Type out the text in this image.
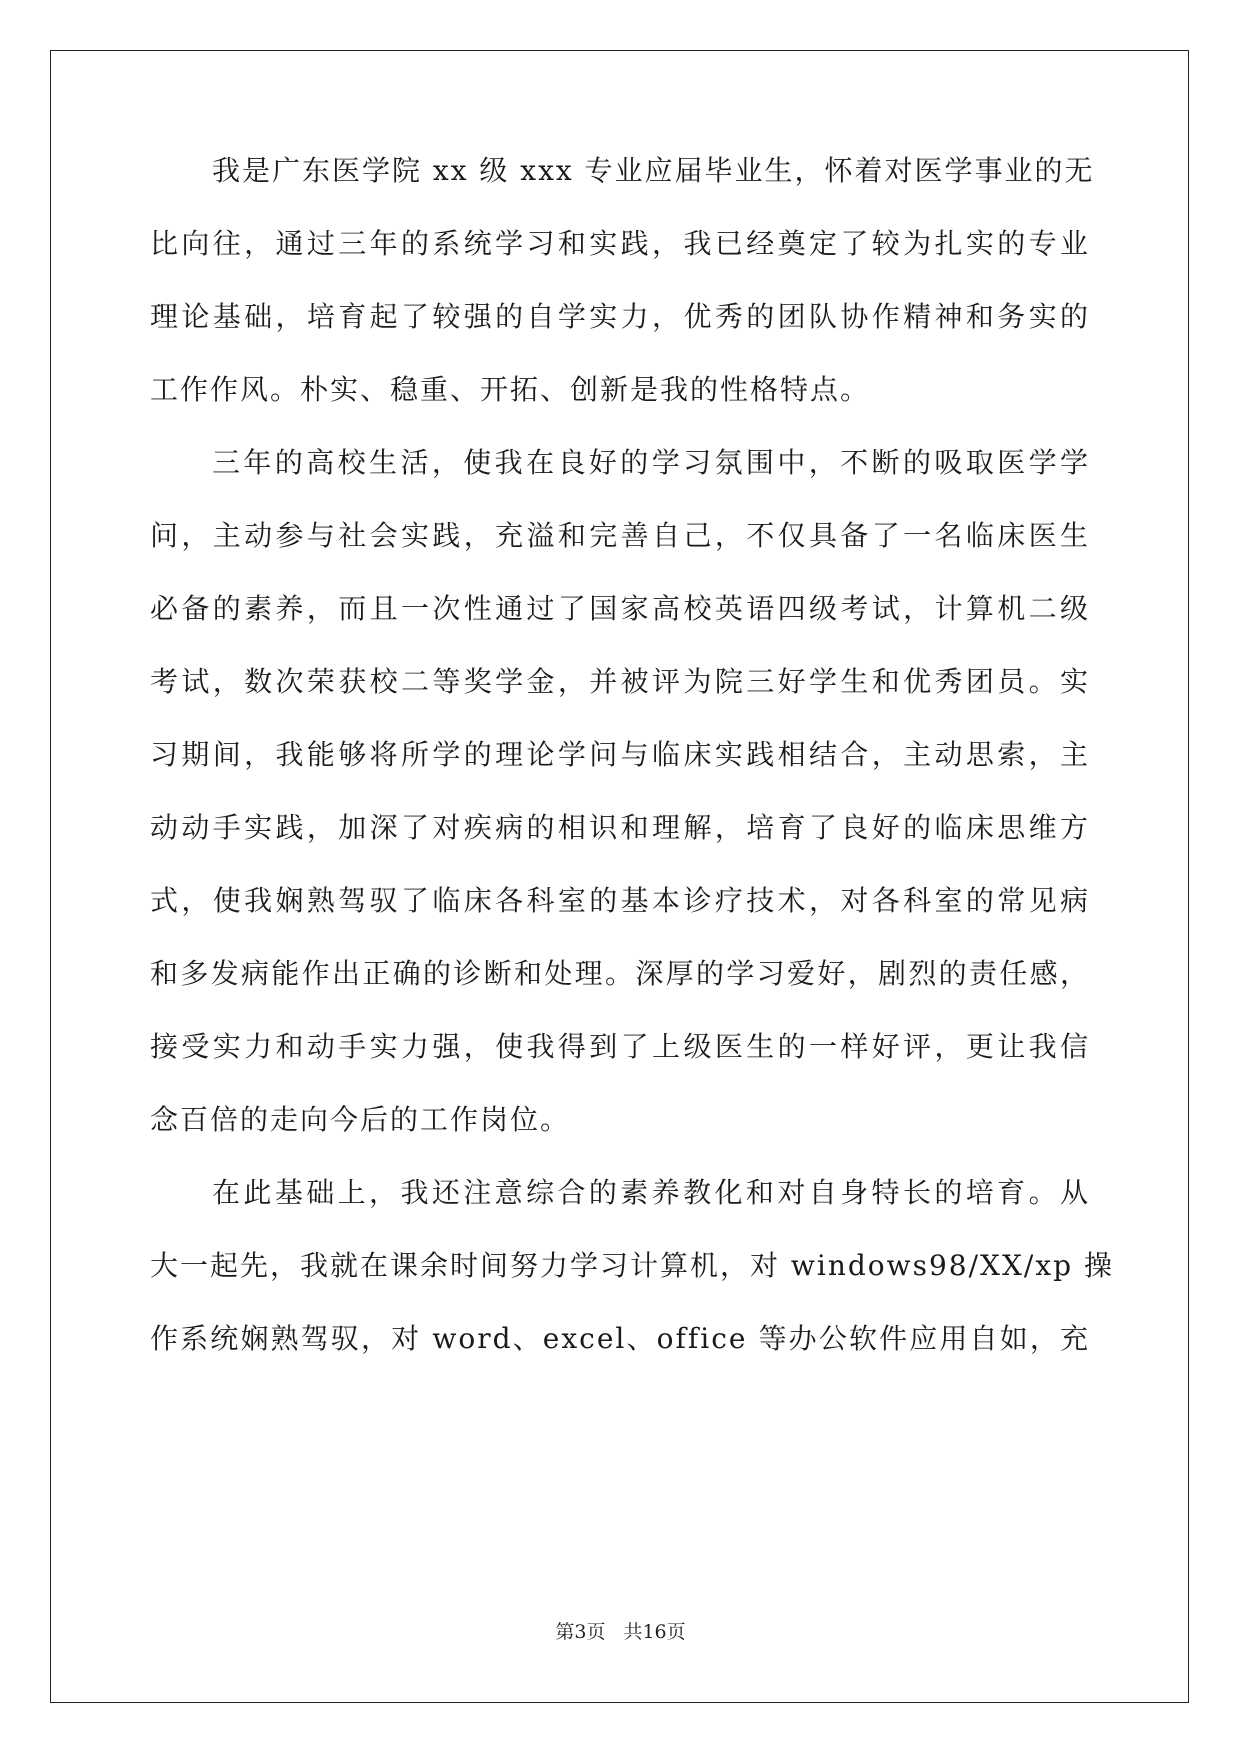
我是广东医学院 xx 级 xxx 专业应届毕业生，怀着对医学事业的无
比向往，通过三年的系统学习和实践，我已经奠定了较为扎实的专业
理论基础，培育起了较强的自学实力，优秀的团队协作精神和务实的
工作作风。朴实、稳重、开拓、创新是我的性格特点。
三年的高校生活，使我在良好的学习氛围中，不断的吸取医学学
问，主动参与社会实践，充溢和完善自己，不仅具备了一名临床医生
必备的素养，而且一次性通过了国家高校英语四级考试，计算机二级
考试，数次荣获校二等奖学金，并被评为院三好学生和优秀团员。实
习期间，我能够将所学的理论学问与临床实践相结合，主动思索，主
动动手实践，加深了对疾病的相识和理解，培育了良好的临床思维方
式，使我娴熟驾驭了临床各科室的基本诊疗技术，对各科室的常见病
和多发病能作出正确的诊断和处理。深厚的学习爱好，剧烈的责任感，
接受实力和动手实力强，使我得到了上级医生的一样好评，更让我信
念百倍的走向今后的工作岗位。
在此基础上，我还注意综合的素养教化和对自身特长的培育。从
大一起先，我就在课余时间努力学习计算机，对 windows98/XX/xp 操
作系统娴熟驾驭，对 word、excel、office 等办公软件应用自如，充
第3页 共16页
